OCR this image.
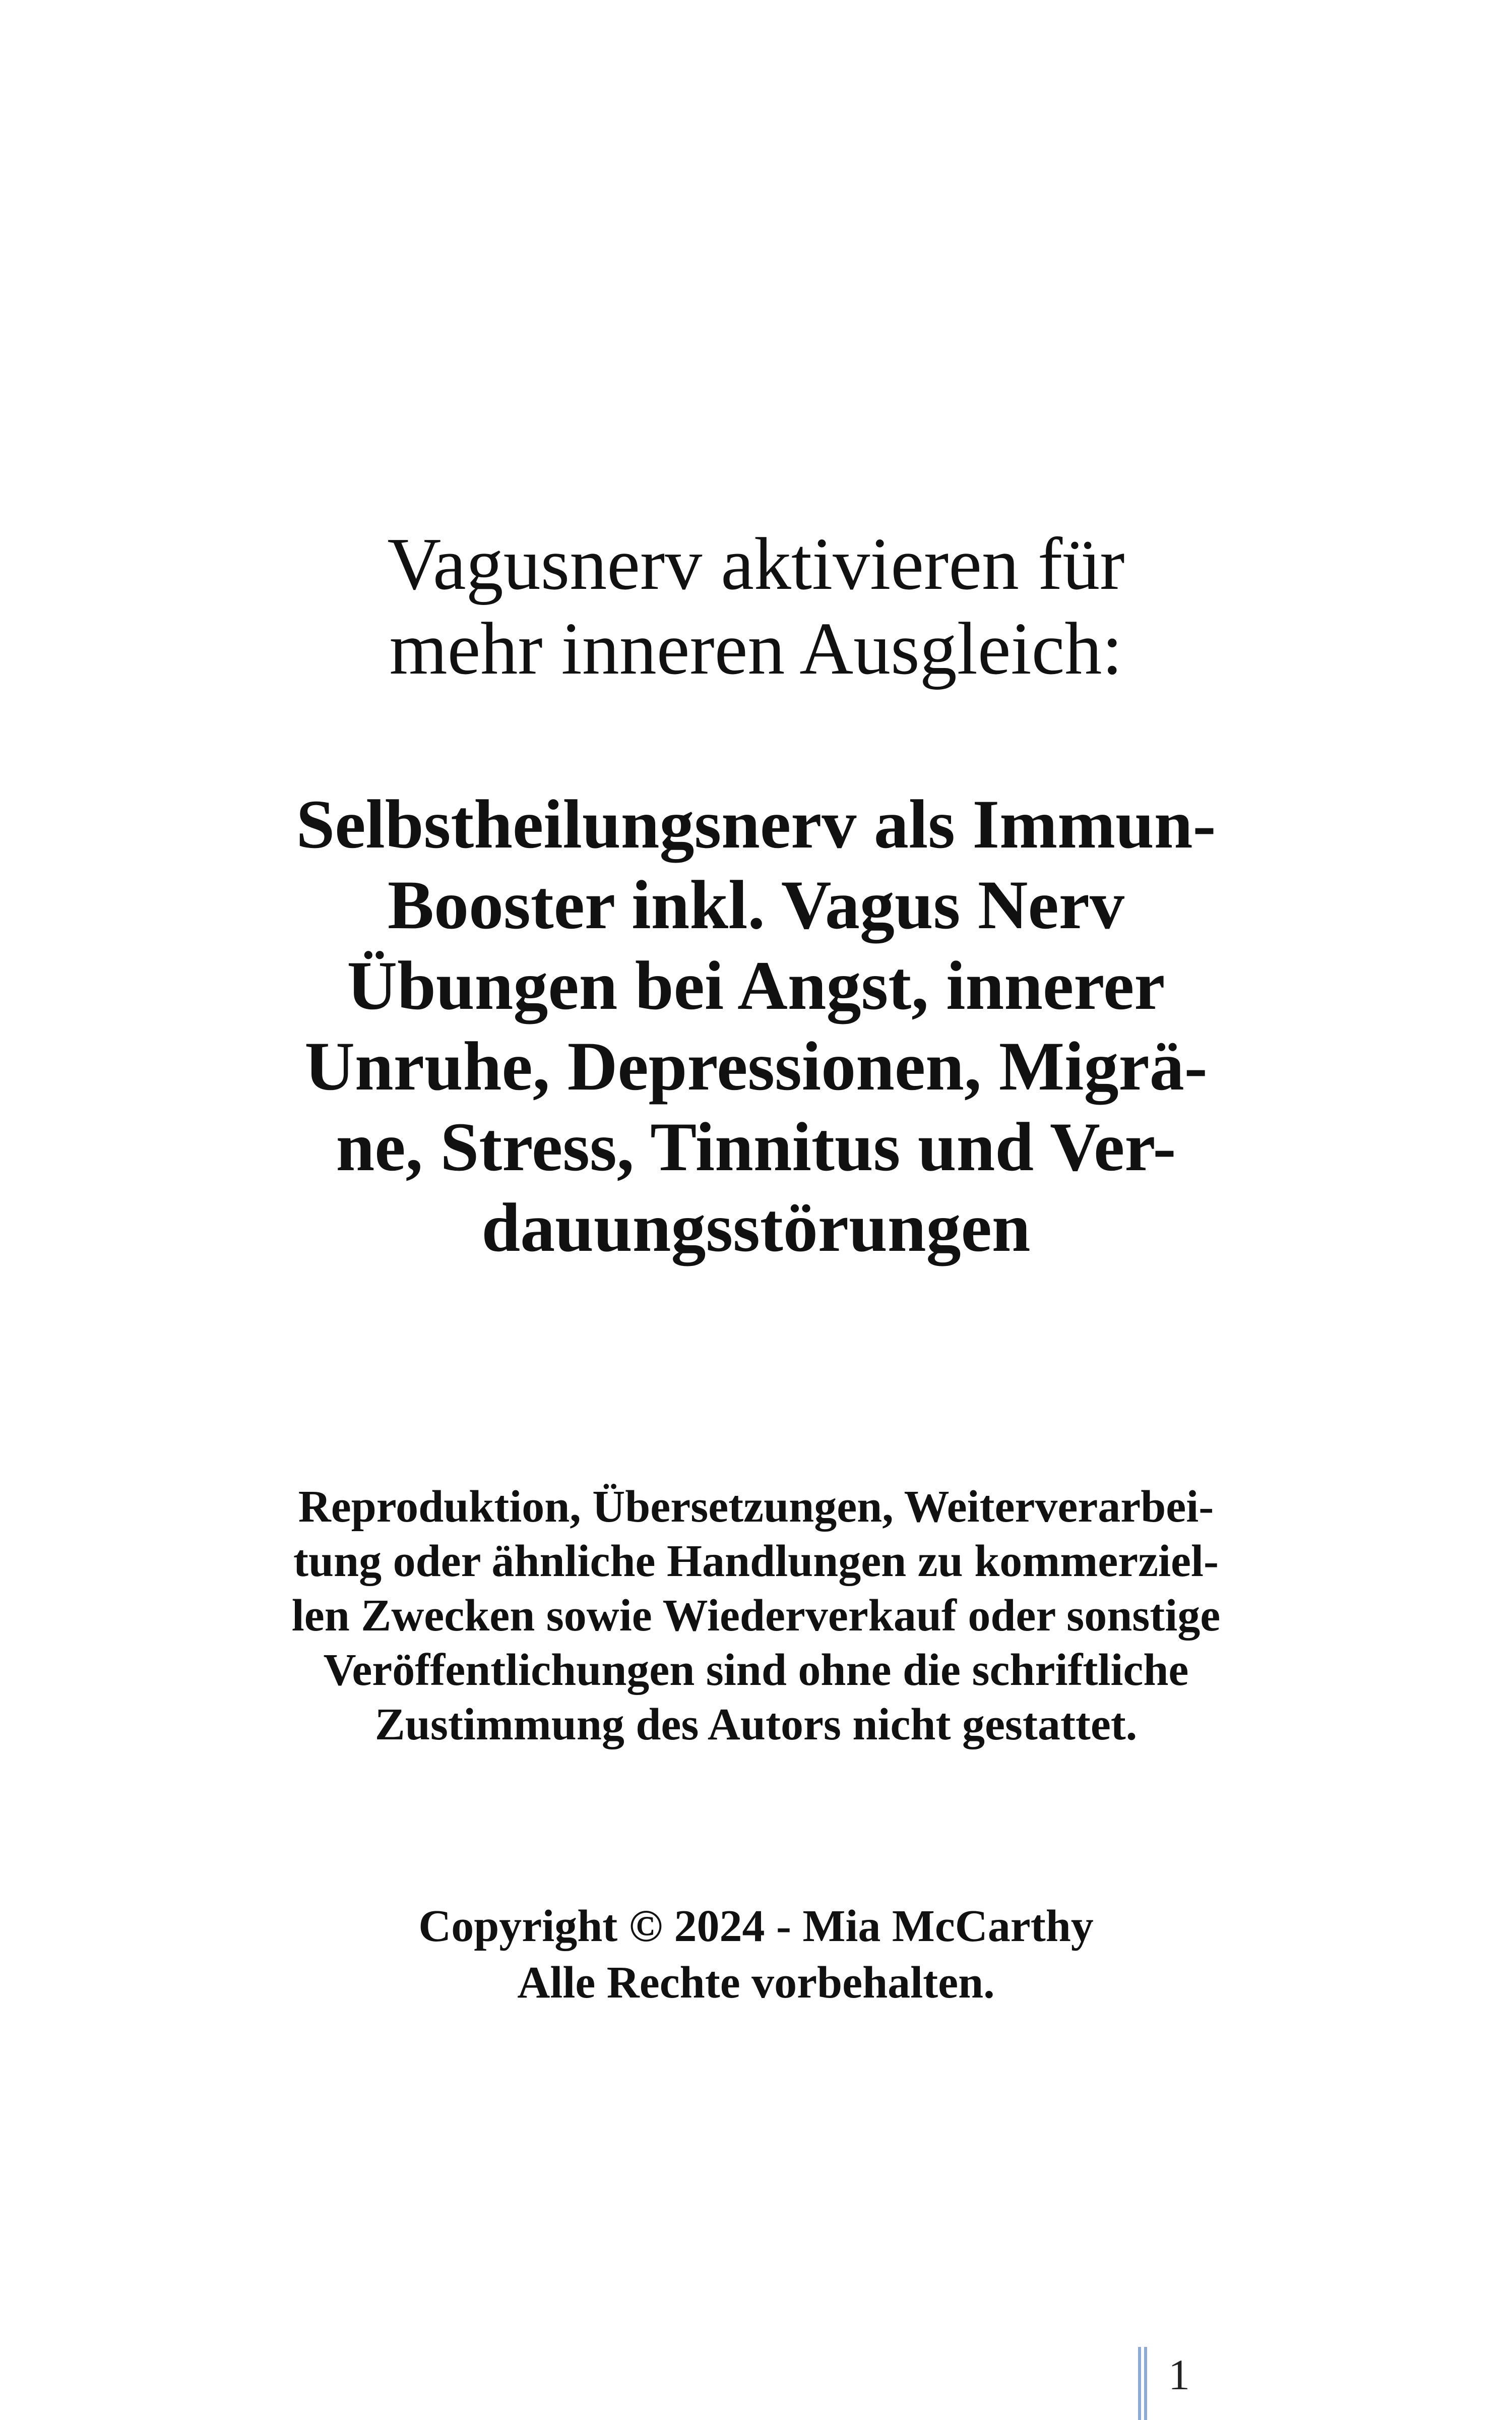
Vagusnerv aktivieren für
mehr inneren Ausgleich:
Selbstheilungsnerv als Immun-
Booster inkl. Vagus Nerv
Übungen bei Angst, innerer
Unruhe, Depressionen, Migrä-
ne, Stress, Tinnitus und Ver-
dauungsstörungen
Reproduktion, Übersetzungen, Weiterverarbei-
tung oder ähnliche Handlungen zu kommerziel-
len Zwecken sowie Wiederverkauf oder sonstige
Veröffentlichungen sind ohne die schriftliche
Zustimmung des Autors nicht gestattet.
Copyright © 2024 - Mia McCarthy
Alle Rechte vorbehalten.
1
